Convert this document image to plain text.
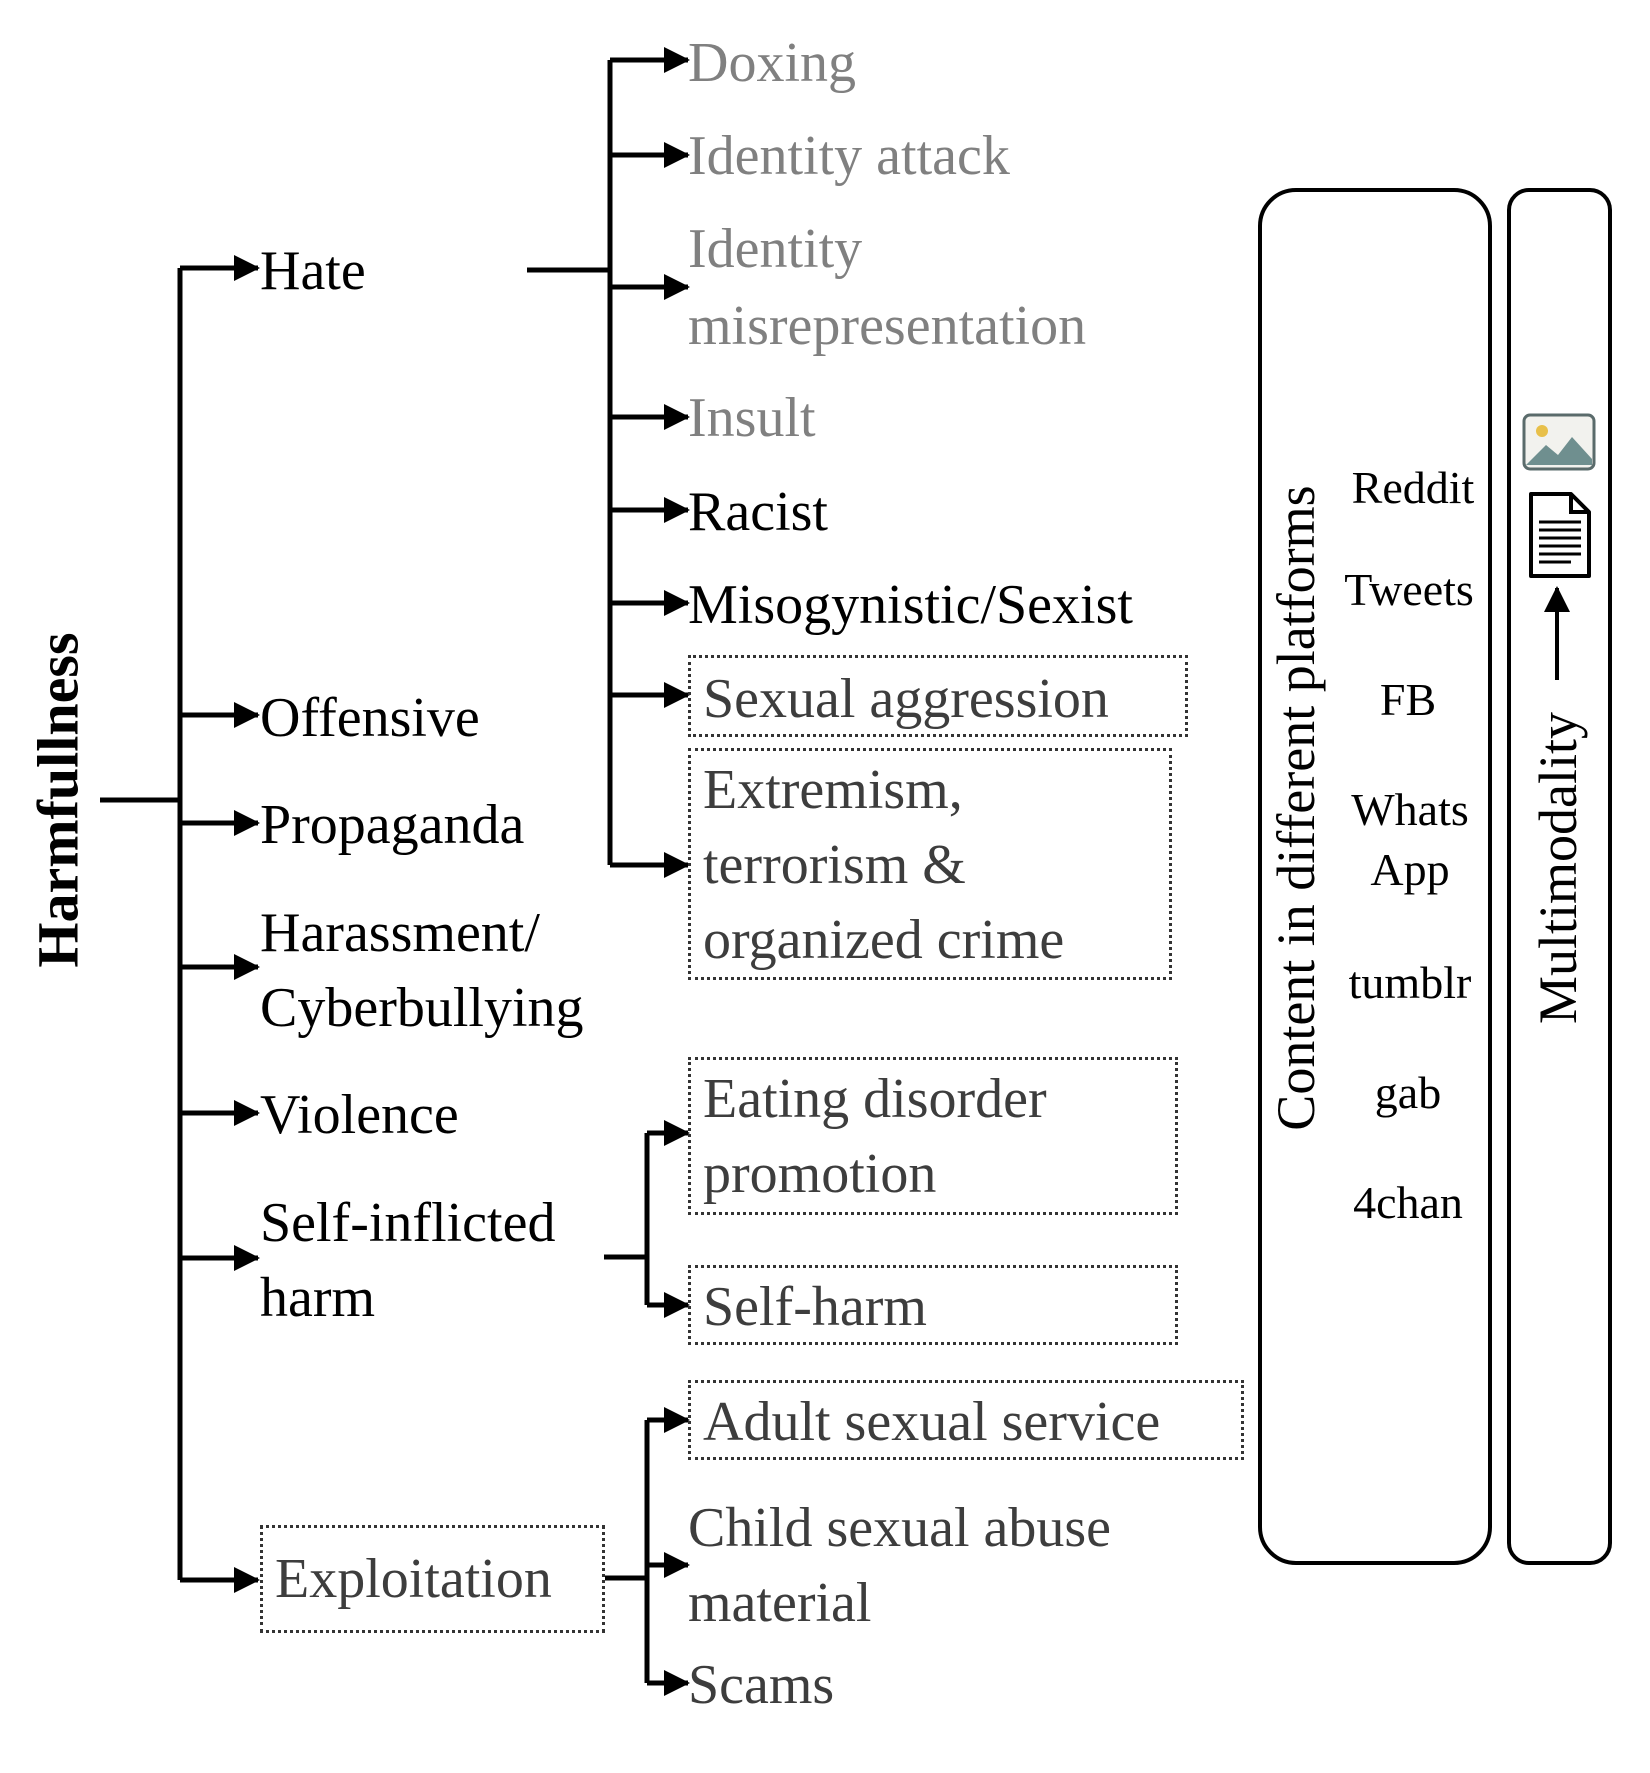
Harmfullness
Hate
Offensive
Propaganda
Harassment/
Cyberbullying
Violence
Self-inflicted
harm
Exploitation
Doxing
Identity attack
Identity
misrepresentation
Insult
Racist
Misogynistic/Sexist
Sexual aggression
Extremism,
terrorism &
organized crime
Eating disorder
promotion
Self-harm
Adult sexual service
Child sexual abuse
material
Scams
Content in different platforms Reddit
Tweets
FB
Whats
App
tumblr
gab
4chan
Multimodality
